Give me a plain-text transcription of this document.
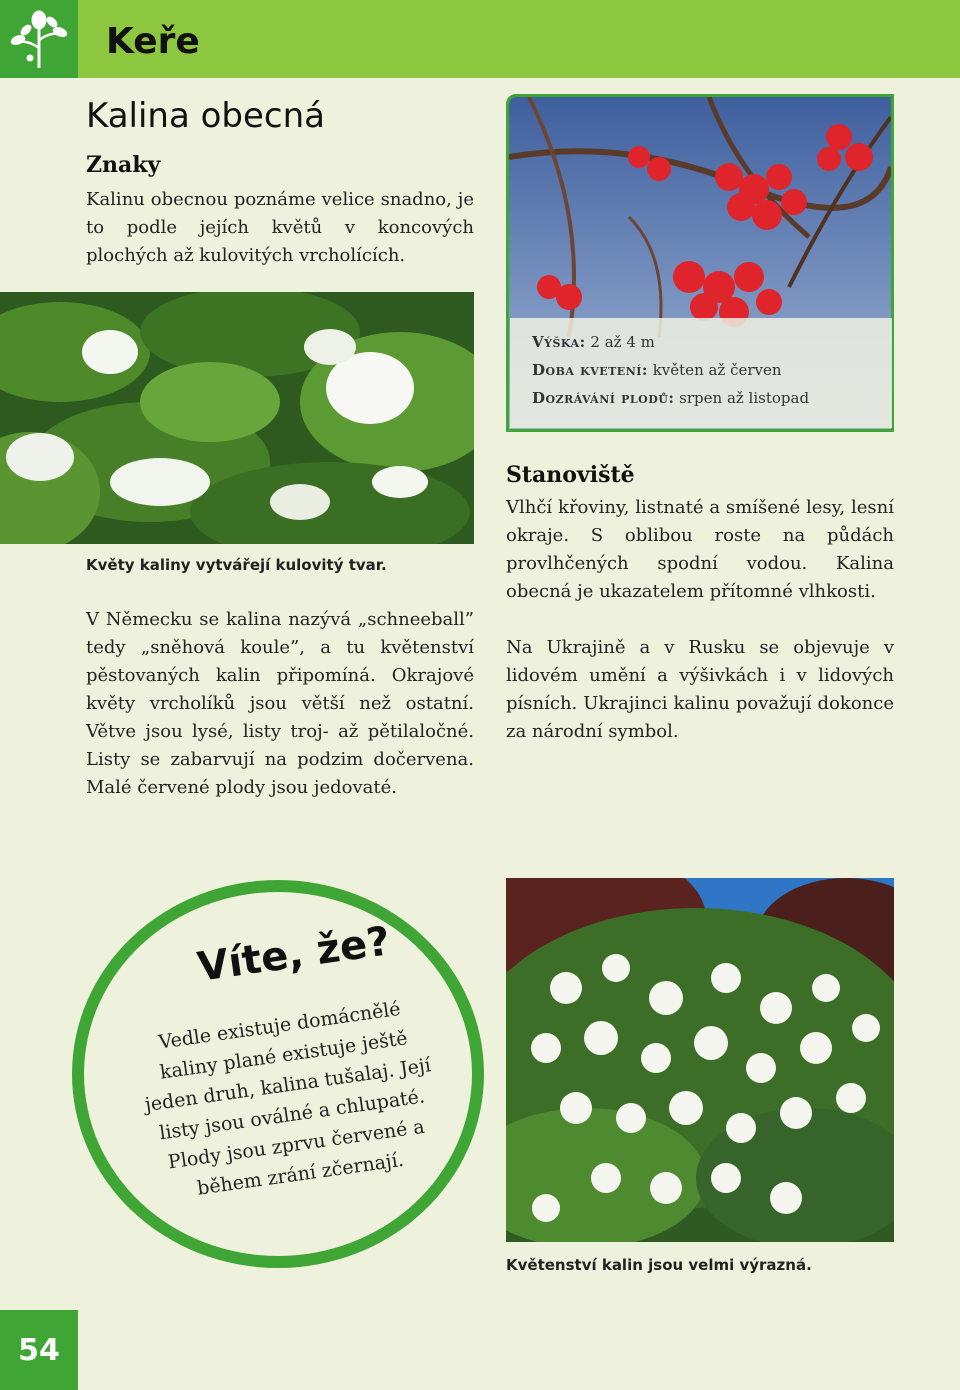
Keře
Kalina obecná
Znaky
Kalinu obecnou poznáme velice snadno, je to podle jejích květů v koncových plochých až kulovitých vrcholících.
Květy kaliny vytvářejí kulovitý tvar.
V Německu se kalina nazývá „schneeball” tedy „sněhová koule”, a tu květenství pěstovaných kalin připomíná. Okrajové květy vrcholíků jsou větší než ostatní. Větve jsou lysé, listy troj- až pětilaločné. Listy se zabarvují na podzim dočervena. Malé červené plody jsou jedovaté.
Výška: 2 až 4 m
Doba kvetení: květen až červen
Dozrávání plodů: srpen až listopad
Stanoviště
Vlhčí křoviny, listnaté a smíšené lesy, lesní okraje. S oblibou roste na půdách provlhčených spodní vodou. Kalina obecná je ukazatelem přítomné vlhkosti.
Na Ukrajině a v Rusku se objevuje v lidovém umění a výšivkách i v lidových písních. Ukrajinci kalinu považují dokonce za národní symbol.
Víte, že?
Vedle existuje domácnělé kaliny plané existuje ještě jeden druh, kalina tušalaj. Její listy jsou oválné a chlupaté. Plody jsou zprvu červené a během zrání zčernají.
Květenství kalin jsou velmi výrazná.
54
